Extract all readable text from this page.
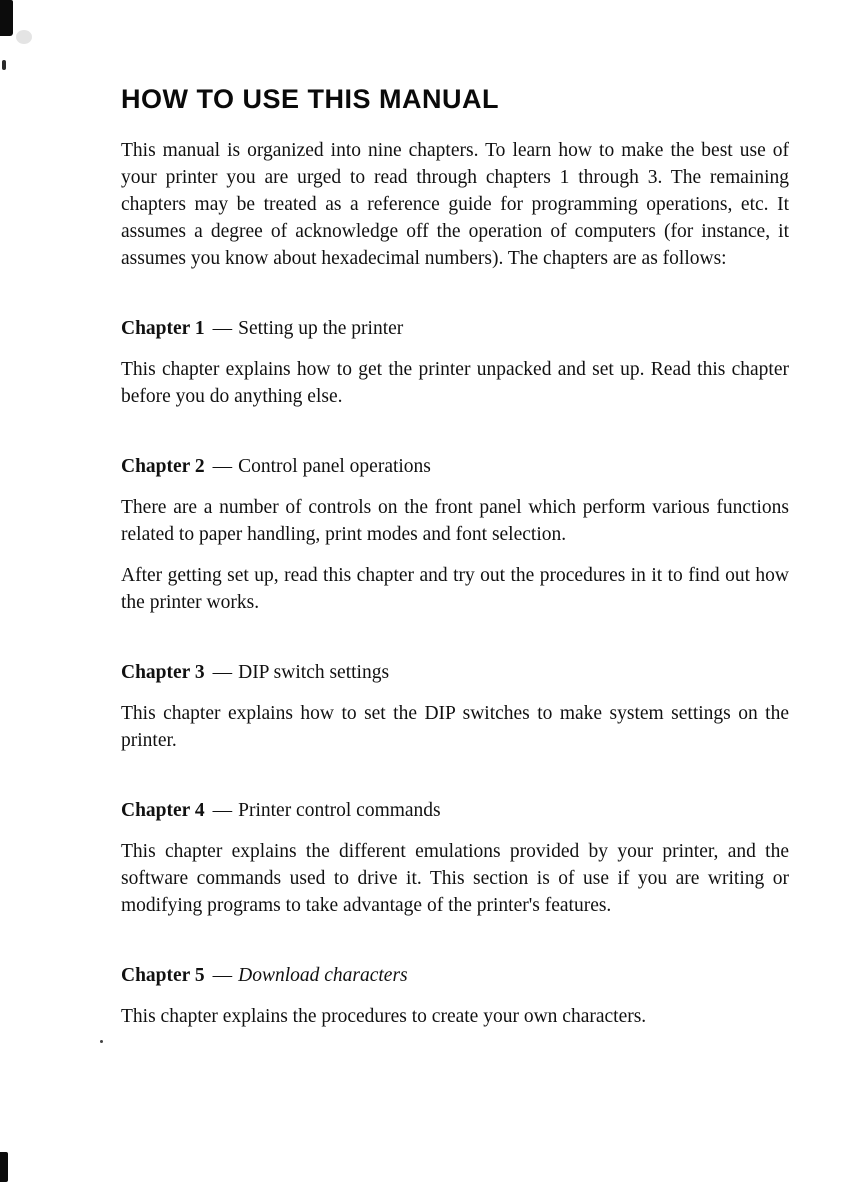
HOW TO USE THIS MANUAL

This manual is organized into nine chapters. To learn how to make the best use of your printer you are urged to read through chapters 1 through 3. The remaining chapters may be treated as a reference guide for programming operations, etc. It assumes a degree of acknowledge off the operation of computers (for instance, it assumes you know about hexadecimal numbers). The chapters are as follows:

Chapter 1 — Setting up the printer

This chapter explains how to get the printer unpacked and set up. Read this chapter before you do anything else.

Chapter 2 — Control panel operations

There are a number of controls on the front panel which perform various functions related to paper handling, print modes and font selection.

After getting set up, read this chapter and try out the procedures in it to find out how the printer works.

Chapter 3 — DIP switch settings

This chapter explains how to set the DIP switches to make system settings on the printer.

Chapter 4 — Printer control commands

This chapter explains the different emulations provided by your printer, and the software commands used to drive it. This section is of use if you are writing or modifying programs to take advantage of the printer's features.

Chapter 5 — Download characters

This chapter explains the procedures to create your own characters.
